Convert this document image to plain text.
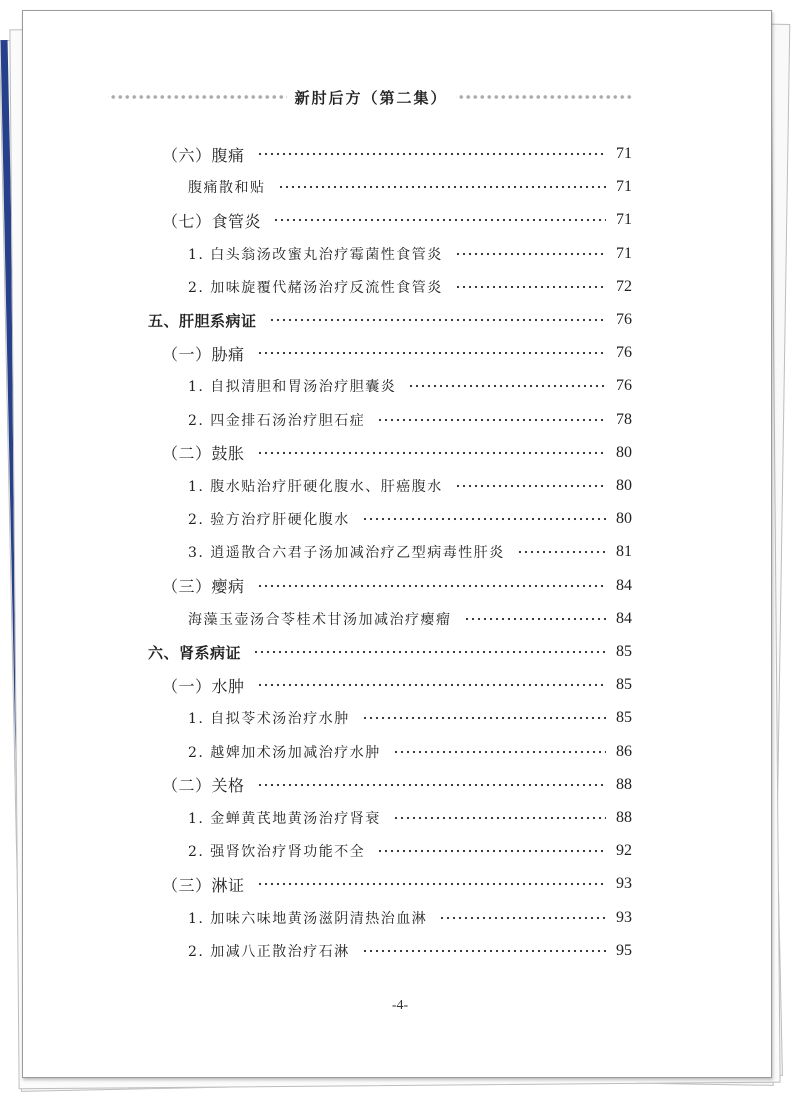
新肘后方（第二集）
（六）腹痛	71
腹痛散和贴	71
（七）食管炎	71
1. 白头翁汤改蜜丸治疗霉菌性食管炎	71
2. 加味旋覆代赭汤治疗反流性食管炎	72
五、肝胆系病证	76
（一）胁痛	76
1. 自拟清胆和胃汤治疗胆囊炎	76
2. 四金排石汤治疗胆石症	78
（二）鼓胀	80
1. 腹水贴治疗肝硬化腹水、肝癌腹水	80
2. 验方治疗肝硬化腹水	80
3. 逍遥散合六君子汤加减治疗乙型病毒性肝炎	81
（三）瘿病	84
海藻玉壶汤合苓桂术甘汤加减治疗瘿瘤	84
六、肾系病证	85
（一）水肿	85
1. 自拟苓术汤治疗水肿	85
2. 越婢加术汤加减治疗水肿	86
（二）关格	88
1. 金蝉黄芪地黄汤治疗肾衰	88
2. 强肾饮治疗肾功能不全	92
（三）淋证	93
1. 加味六味地黄汤滋阴清热治血淋	93
2. 加减八正散治疗石淋	95
-4-
